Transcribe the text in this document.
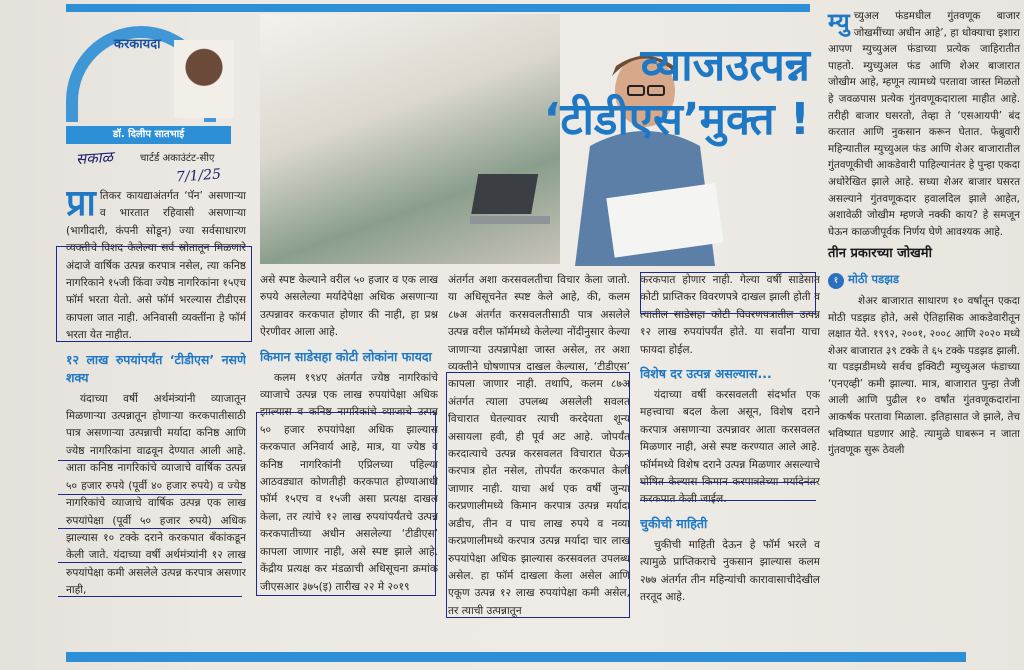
करकायदा
डॉ. दिलीप सातभाई
चार्टर्ड अकाउंटंट-सीए
सकाळ
7/1/25
व्याजउत्पन्न
‘टीडीएस’मुक्त !
प्रा तिकर कायद्याअंतर्गत ‘पॅन’ असणाऱ्या व भारतात रहिवासी असणाऱ्या (भागीदारी, कंपनी सोडून) ज्या सर्वसाधारण व्यक्तीचे विशद केलेल्या सर्व स्रोतातून मिळणारे अंदाजे वार्षिक उत्पन्न करपात्र नसेल, त्या कनिष्ठ नागरिकाने १५जी किंवा ज्येष्ठ नागरिकांना १५एच फॉर्म भरता येतो. असे फॉर्म भरल्यास टीडीएस कापला जात नाही. अनिवासी व्यक्तींना हे फॉर्म भरता येत नाहीत.

१२ लाख रुपयांपर्यंत ‘टीडीएस’ नसणे शक्य

यंदाच्या वर्षी अर्थमंत्र्यांनी व्याजातून मिळणाऱ्या उत्पन्नातून होणाऱ्या करकपातीसाठी पात्र असणाऱ्या उत्पन्नाची मर्यादा कनिष्ठ आणि ज्येष्ठ नागरिकांना वाढवून देण्यात आली आहे. आता कनिष्ठ नागरिकांचे व्याजाचे वार्षिक उत्पन्न ५० हजार रुपये (पूर्वी ४० हजार रुपये) व ज्येष्ठ नागरिकांचे व्याजाचे वार्षिक उत्पन्न एक लाख रुपयांपेक्षा (पूर्वी ५० हजार रुपये) अधिक झाल्यास १० टक्के दराने करकपात बँकांकडून केली जाते. यंदाच्या वर्षी अर्थमंत्र्यांनी १२ लाख रुपयांपेक्षा कमी असलेले उत्पन्न करपात्र असणार नाही,

असे स्पष्ट केल्याने वरील ५० हजार व एक लाख रुपये असलेल्या मर्यादेपेक्षा अधिक असणाऱ्या उत्पन्नावर करकपात होणार की नाही, हा प्रश्न ऐरणीवर आला आहे.

किमान साडेसहा कोटी लोकांना फायदा

कलम १९४ए अंतर्गत ज्येष्ठ नागरिकांचे व्याजाचे उत्पन्न एक लाख रुपयांपेक्षा अधिक झाल्यास व कनिष्ठ नागरिकांचे व्याजाचे उत्पन्न ५० हजार रुपयांपेक्षा अधिक झाल्यास करकपात अनिवार्य आहे, मात्र, या ज्येष्ठ व कनिष्ठ नागरिकांनी एप्रिलच्या पहिल्या आठवड्यात कोणतीही करकपात होण्याआधी फॉर्म १५एच व १५जी असा प्रत्यक्ष दाखल केला, तर त्यांचे १२ लाख रुपयांपर्यंतचे उत्पन्न करकपातीच्या अधीन असलेल्या ‘टीडीएस’ कापला जाणार नाही, असे स्पष्ट झाले आहे. केंद्रीय प्रत्यक्ष कर मंडळाची अधिसूचना क्रमांक जीएसआर ३७५(इ) तारीख २२ मे २०१९

अंतर्गत अशा करसवलतीचा विचार केला जातो. या अधिसूचनेत स्पष्ट केले आहे, की, कलम ८७अ अंतर्गत करसवलतीसाठी पात्र असलेले उत्पन्न वरील फॉर्ममध्ये केलेल्या नोंदीनुसार केल्या जाणाऱ्या उत्पन्नापेक्षा जास्त असेल, तर अशा व्यक्तीने घोषणापत्र दाखल केल्यास, ‘टीडीएस’ कापला जाणार नाही. तथापि, कलम ८७अ अंतर्गत त्याला उपलब्ध असलेली सवलत विचारात घेतल्यावर त्याची करदेयता शून्य असायला हवी, ही पूर्व अट आहे. जोपर्यंत करदात्याचे उत्पन्न करसवलत विचारात घेऊन करपात्र होत नसेल, तोपर्यंत करकपात केली जाणार नाही. याचा अर्थ एक वर्षी जुन्या करप्रणालीमध्ये किमान करपात्र उत्पन्न मर्यादा अडीच, तीन व पाच लाख रुपये व नव्या करप्रणालीमध्ये करपात्र उत्पन्न मर्यादा चार लाख रुपयांपेक्षा अधिक झाल्यास करसवलत उपलब्ध असेल. हा फॉर्म दाखला केला असेल आणि एकूण उत्पन्न १२ लाख रुपयांपेक्षा कमी असेल, तर त्याची उत्पन्नातून

करकपात होणार नाही. गेल्या वर्षी साडेसात कोटी प्राप्तिकर विवरणपत्रे दाखल झाली होती व त्यातील साडेसहा कोटी विवरणपत्रातील उत्पन्न १२ लाख रुपयांपर्यंत होते. या सर्वांना याचा फायदा होईल.

विशेष दर उत्पन्न असल्यास...

यंदाच्या वर्षी करसवलती संदर्भात एक महत्त्वाचा बदल केला असून, विशेष दराने करपात्र असणाऱ्या उत्पन्नावर आता करसवलत मिळणार नाही, असे स्पष्ट करण्यात आले आहे. फॉर्ममध्ये विशेष दराने उत्पन्न मिळणार असल्याचे घोषित केल्यास किमान करपात्रतेच्या मर्यादेनंतर करकपात केली जाईल.

चुकीची माहिती

चुकीची माहिती देऊन हे फॉर्म भरले व त्यामुळे प्राप्तिकराचे नुकसान झाल्यास कलम २७७ अंतर्गत तीन महिन्यांची कारावासाचीदेखील तरतूद आहे.

म्यु च्युअल फंडमधील गुंतवणूक बाजार जोखमींच्या अधीन आहे’, हा धोक्याचा इशारा आपण म्युच्युअल फंडाच्या प्रत्येक जाहिरातीत पाहतो. म्युच्युअल फंड आणि शेअर बाजारात जोखीम आहे, म्हणून त्यामध्ये परतावा जास्त मिळतो हे जवळपास प्रत्येक गुंतवणूकदाराला माहीत आहे. तरीही बाजार घसरतो, तेव्हा ते ‘एसआयपी’ बंद करतात आणि नुकसान करून घेतात. फेब्रुवारी महिन्यातील म्युच्युअल फंड आणि शेअर बाजारातील गुंतवणूकीची आकडेवारी पाहिल्यानंतर हे पुन्हा एकदा अधोरेखित झाले आहे. सध्या शेअर बाजार घसरत असल्याने गुंतवणूकदार हवालदिल झाले आहेत, अशावेळी जोखीम म्हणजे नक्की काय? हे समजून घेऊन काळजीपूर्वक निर्णय घेणे आवश्यक आहे.

तीन प्रकारच्या जोखमी
१ मोठी पडझड

शेअर बाजारात साधारण १० वर्षांतून एकदा मोठी पडझड होते, असे ऐतिहासिक आकडेवारीतून लक्षात येते. १९९२, २००१, २००८ आणि २०२० मध्ये शेअर बाजारात ३९ टक्के ते ६५ टक्के पडझड झाली. या पडझडीमध्ये सर्वच इक्विटी म्युच्युअल फंडाच्या ‘एनएव्ही’ कमी झाल्या. मात्र, बाजारात पुन्हा तेजी आली आणि पुढील १० वर्षांत गुंतवणूकदारांना आकर्षक परतावा मिळाला. इतिहासात जे झाले, तेच भविष्यात घडणार आहे. त्यामुळे घाबरून न जाता गुंतवणूक सुरू ठेवली
